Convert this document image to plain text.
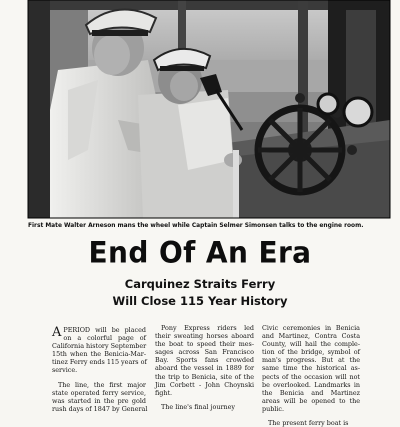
First Mate Walter Arneson mans the wheel while Captain Selmer Simonsen talks to the engine room.
End Of An Era
Carquinez Straits Ferry
Will Close 115 Year History
A PERIOD will be placed
on a colorful page of
California history September
15th when the Benicia-Mar-
tinez Ferry ends 115 years of
service.
The line, the first major
state operated ferry service,
was started in the pre gold
rush days of 1847 by General
Pony Express riders led
their sweating horses aboard
the boat to speed their mes-
sages across San Francisco
Bay. Sports fans crowded
aboard the vessel in 1889 for
the trip to Benicia, site of the
Jim Corbett - John Choynski
fight.
The line's final journey
Civic ceremonies in Benicia
and Martinez, Contra Costa
County, will hail the comple-
tion of the bridge, symbol of
man's progress. But at the
same time the historical as-
pects of the occasion will not
be overlooked. Landmarks in
the Benicia and Martinez
areas will be opened to the
public.
The present ferry boat is
